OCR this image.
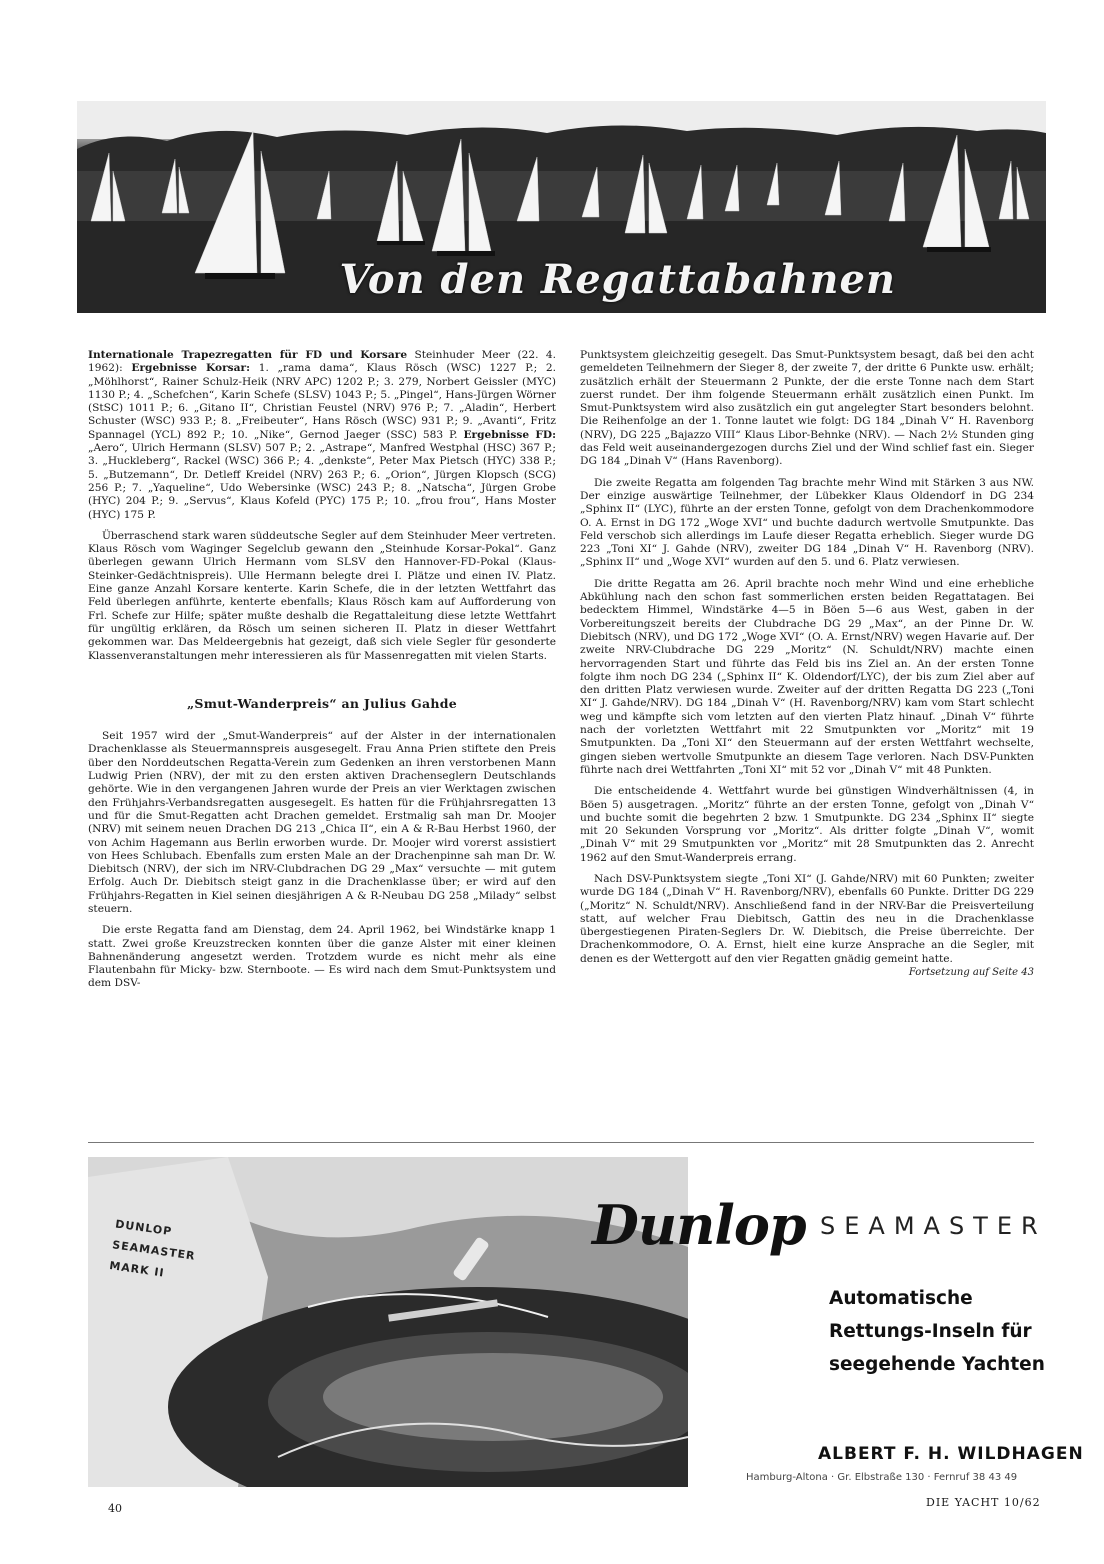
Von den Regattabahnen

Internationale Trapezregatten für FD und Korsare Steinhuder Meer (22. 4. 1962): Ergebnisse Korsar: 1. „rama dama“, Klaus Rösch (WSC) 1227 P.; 2. „Möhlhorst“, Rainer Schulz-Heik (NRV APC) 1202 P.; 3. 279, Norbert Geissler (MYC) 1130 P.; 4. „Schefchen“, Karin Schefe (SLSV) 1043 P.; 5. „Pingel“, Hans-Jürgen Wörner (StSC) 1011 P.; 6. „Gitano II“, Christian Feustel (NRV) 976 P.; 7. „Aladin“, Herbert Schuster (WSC) 933 P.; 8. „Freibeuter“, Hans Rösch (WSC) 931 P.; 9. „Avanti“, Fritz Spannagel (YCL) 892 P.; 10. „Nike“, Gernod Jaeger (SSC) 583 P. Ergebnisse FD: „Aero“, Ulrich Hermann (SLSV) 507 P.; 2. „Astrape“, Manfred Westphal (HSC) 367 P.; 3. „Huckleberg“, Rackel (WSC) 366 P.; 4. „denkste“, Peter Max Pietsch (HYC) 338 P.; 5. „Butzemann“, Dr. Detleff Kreidel (NRV) 263 P.; 6. „Orion“, Jürgen Klopsch (SCG) 256 P.; 7. „Yaqueline“, Udo Webersinke (WSC) 243 P.; 8. „Natscha“, Jürgen Grobe (HYC) 204 P.; 9. „Servus“, Klaus Kofeld (PYC) 175 P.; 10. „frou frou“, Hans Moster (HYC) 175 P.

Überraschend stark waren süddeutsche Segler auf dem Steinhuder Meer vertreten. Klaus Rösch vom Waginger Segelclub gewann den „Steinhude Korsar-Pokal“. Ganz überlegen gewann Ulrich Hermann vom SLSV den Hannover-FD-Pokal (Klaus-Steinker-Gedächtnispreis). Ulle Hermann belegte drei I. Plätze und einen IV. Platz. Eine ganze Anzahl Korsare kenterte. Karin Schefe, die in der letzten Wettfahrt das Feld überlegen anführte, kenterte ebenfalls; Klaus Rösch kam auf Aufforderung von Frl. Schefe zur Hilfe; später mußte deshalb die Regattaleitung diese letzte Wettfahrt für ungültig erklären, da Rösch um seinen sicheren II. Platz in dieser Wettfahrt gekommen war. Das Meldeergebnis hat gezeigt, daß sich viele Segler für gesonderte Klassenveranstaltungen mehr interessieren als für Massenregatten mit vielen Starts.

„Smut-Wanderpreis“ an Julius Gahde

Seit 1957 wird der „Smut-Wanderpreis“ auf der Alster in der internationalen Drachenklasse als Steuermannspreis ausgesegelt. Frau Anna Prien stiftete den Preis über den Norddeutschen Regatta-Verein zum Gedenken an ihren verstorbenen Mann Ludwig Prien (NRV), der mit zu den ersten aktiven Drachenseglern Deutschlands gehörte. Wie in den vergangenen Jahren wurde der Preis an vier Werktagen zwischen den Frühjahrs-Verbandsregatten ausgesegelt. Es hatten für die Frühjahrsregatten 13 und für die Smut-Regatten acht Drachen gemeldet. Erstmalig sah man Dr. Moojer (NRV) mit seinem neuen Drachen DG 213 „Chica II“, ein A & R-Bau Herbst 1960, der von Achim Hagemann aus Berlin erworben wurde. Dr. Moojer wird vorerst assistiert von Hees Schlubach. Ebenfalls zum ersten Male an der Drachenpinne sah man Dr. W. Diebitsch (NRV), der sich im NRV-Clubdrachen DG 29 „Max“ versuchte — mit gutem Erfolg. Auch Dr. Diebitsch steigt ganz in die Drachenklasse über; er wird auf den Frühjahrs-Regatten in Kiel seinen diesjährigen A & R-Neubau DG 258 „Milady“ selbst steuern.

Die erste Regatta fand am Dienstag, dem 24. April 1962, bei Windstärke knapp 1 statt. Zwei große Kreuzstrecken konnten über die ganze Alster mit einer kleinen Bahnenänderung angesetzt werden. Trotzdem wurde es nicht mehr als eine Flautenbahn für Micky- bzw. Sternboote. — Es wird nach dem Smut-Punktsystem und dem DSV-

Punktsystem gleichzeitig gesegelt. Das Smut-Punktsystem besagt, daß bei den acht gemeldeten Teilnehmern der Sieger 8, der zweite 7, der dritte 6 Punkte usw. erhält; zusätzlich erhält der Steuermann 2 Punkte, der die erste Tonne nach dem Start zuerst rundet. Der ihm folgende Steuermann erhält zusätzlich einen Punkt. Im Smut-Punktsystem wird also zusätzlich ein gut angelegter Start besonders belohnt. Die Reihenfolge an der 1. Tonne lautet wie folgt: DG 184 „Dinah V“ H. Ravenborg (NRV), DG 225 „Bajazzo VIII“ Klaus Libor-Behnke (NRV). — Nach 2½ Stunden ging das Feld weit auseinandergezogen durchs Ziel und der Wind schlief fast ein. Sieger DG 184 „Dinah V“ (Hans Ravenborg).

Die zweite Regatta am folgenden Tag brachte mehr Wind mit Stärken 3 aus NW. Der einzige auswärtige Teilnehmer, der Lübekker Klaus Oldendorf in DG 234 „Sphinx II“ (LYC), führte an der ersten Tonne, gefolgt von dem Drachenkommodore O. A. Ernst in DG 172 „Woge XVI“ und buchte dadurch wertvolle Smutpunkte. Das Feld verschob sich allerdings im Laufe dieser Regatta erheblich. Sieger wurde DG 223 „Toni XI“ J. Gahde (NRV), zweiter DG 184 „Dinah V“ H. Ravenborg (NRV). „Sphinx II“ und „Woge XVI“ wurden auf den 5. und 6. Platz verwiesen.

Die dritte Regatta am 26. April brachte noch mehr Wind und eine erhebliche Abkühlung nach den schon fast sommerlichen ersten beiden Regattatagen. Bei bedecktem Himmel, Windstärke 4—5 in Böen 5—6 aus West, gaben in der Vorbereitungszeit bereits der Clubdrache DG 29 „Max“, an der Pinne Dr. W. Diebitsch (NRV), und DG 172 „Woge XVI“ (O. A. Ernst/NRV) wegen Havarie auf. Der zweite NRV-Clubdrache DG 229 „Moritz“ (N. Schuldt/NRV) machte einen hervorragenden Start und führte das Feld bis ins Ziel an. An der ersten Tonne folgte ihm noch DG 234 („Sphinx II“ K. Oldendorf/LYC), der bis zum Ziel aber auf den dritten Platz verwiesen wurde. Zweiter auf der dritten Regatta DG 223 („Toni XI“ J. Gahde/NRV). DG 184 „Dinah V“ (H. Ravenborg/NRV) kam vom Start schlecht weg und kämpfte sich vom letzten auf den vierten Platz hinauf. „Dinah V“ führte nach der vorletzten Wettfahrt mit 22 Smutpunkten vor „Moritz“ mit 19 Smutpunkten. Da „Toni XI“ den Steuermann auf der ersten Wettfahrt wechselte, gingen sieben wertvolle Smutpunkte an diesem Tage verloren. Nach DSV-Punkten führte nach drei Wettfahrten „Toni XI“ mit 52 vor „Dinah V“ mit 48 Punkten.

Die entscheidende 4. Wettfahrt wurde bei günstigen Windverhältnissen (4, in Böen 5) ausgetragen. „Moritz“ führte an der ersten Tonne, gefolgt von „Dinah V“ und buchte somit die begehrten 2 bzw. 1 Smutpunkte. DG 234 „Sphinx II“ siegte mit 20 Sekunden Vorsprung vor „Moritz“. Als dritter folgte „Dinah V“, womit „Dinah V“ mit 29 Smutpunkten vor „Moritz“ mit 28 Smutpunkten das 2. Anrecht 1962 auf den Smut-Wanderpreis errang.

Nach DSV-Punktsystem siegte „Toni XI“ (J. Gahde/NRV) mit 60 Punkten; zweiter wurde DG 184 („Dinah V“ H. Ravenborg/NRV), ebenfalls 60 Punkte. Dritter DG 229 („Moritz“ N. Schuldt/NRV). Anschließend fand in der NRV-Bar die Preisverteilung statt, auf welcher Frau Diebitsch, Gattin des neu in die Drachenklasse übergestiegenen Piraten-Seglers Dr. W. Diebitsch, die Preise überreichte. Der Drachenkommodore, O. A. Ernst, hielt eine kurze Ansprache an die Segler, mit denen es der Wettergott auf den vier Regatten gnädig gemeint hatte.

Fortsetzung auf Seite 43
DUNLOP
SEAMASTER
MARK II
Dunlop SEAMASTER
Automatische
Rettungs-Inseln für
seegehende Yachten
ALBERT F. H. WILDHAGEN
Hamburg-Altona · Gr. Elbstraße 130 · Fernruf 38 43 49
40	DIE YACHT 10/62
